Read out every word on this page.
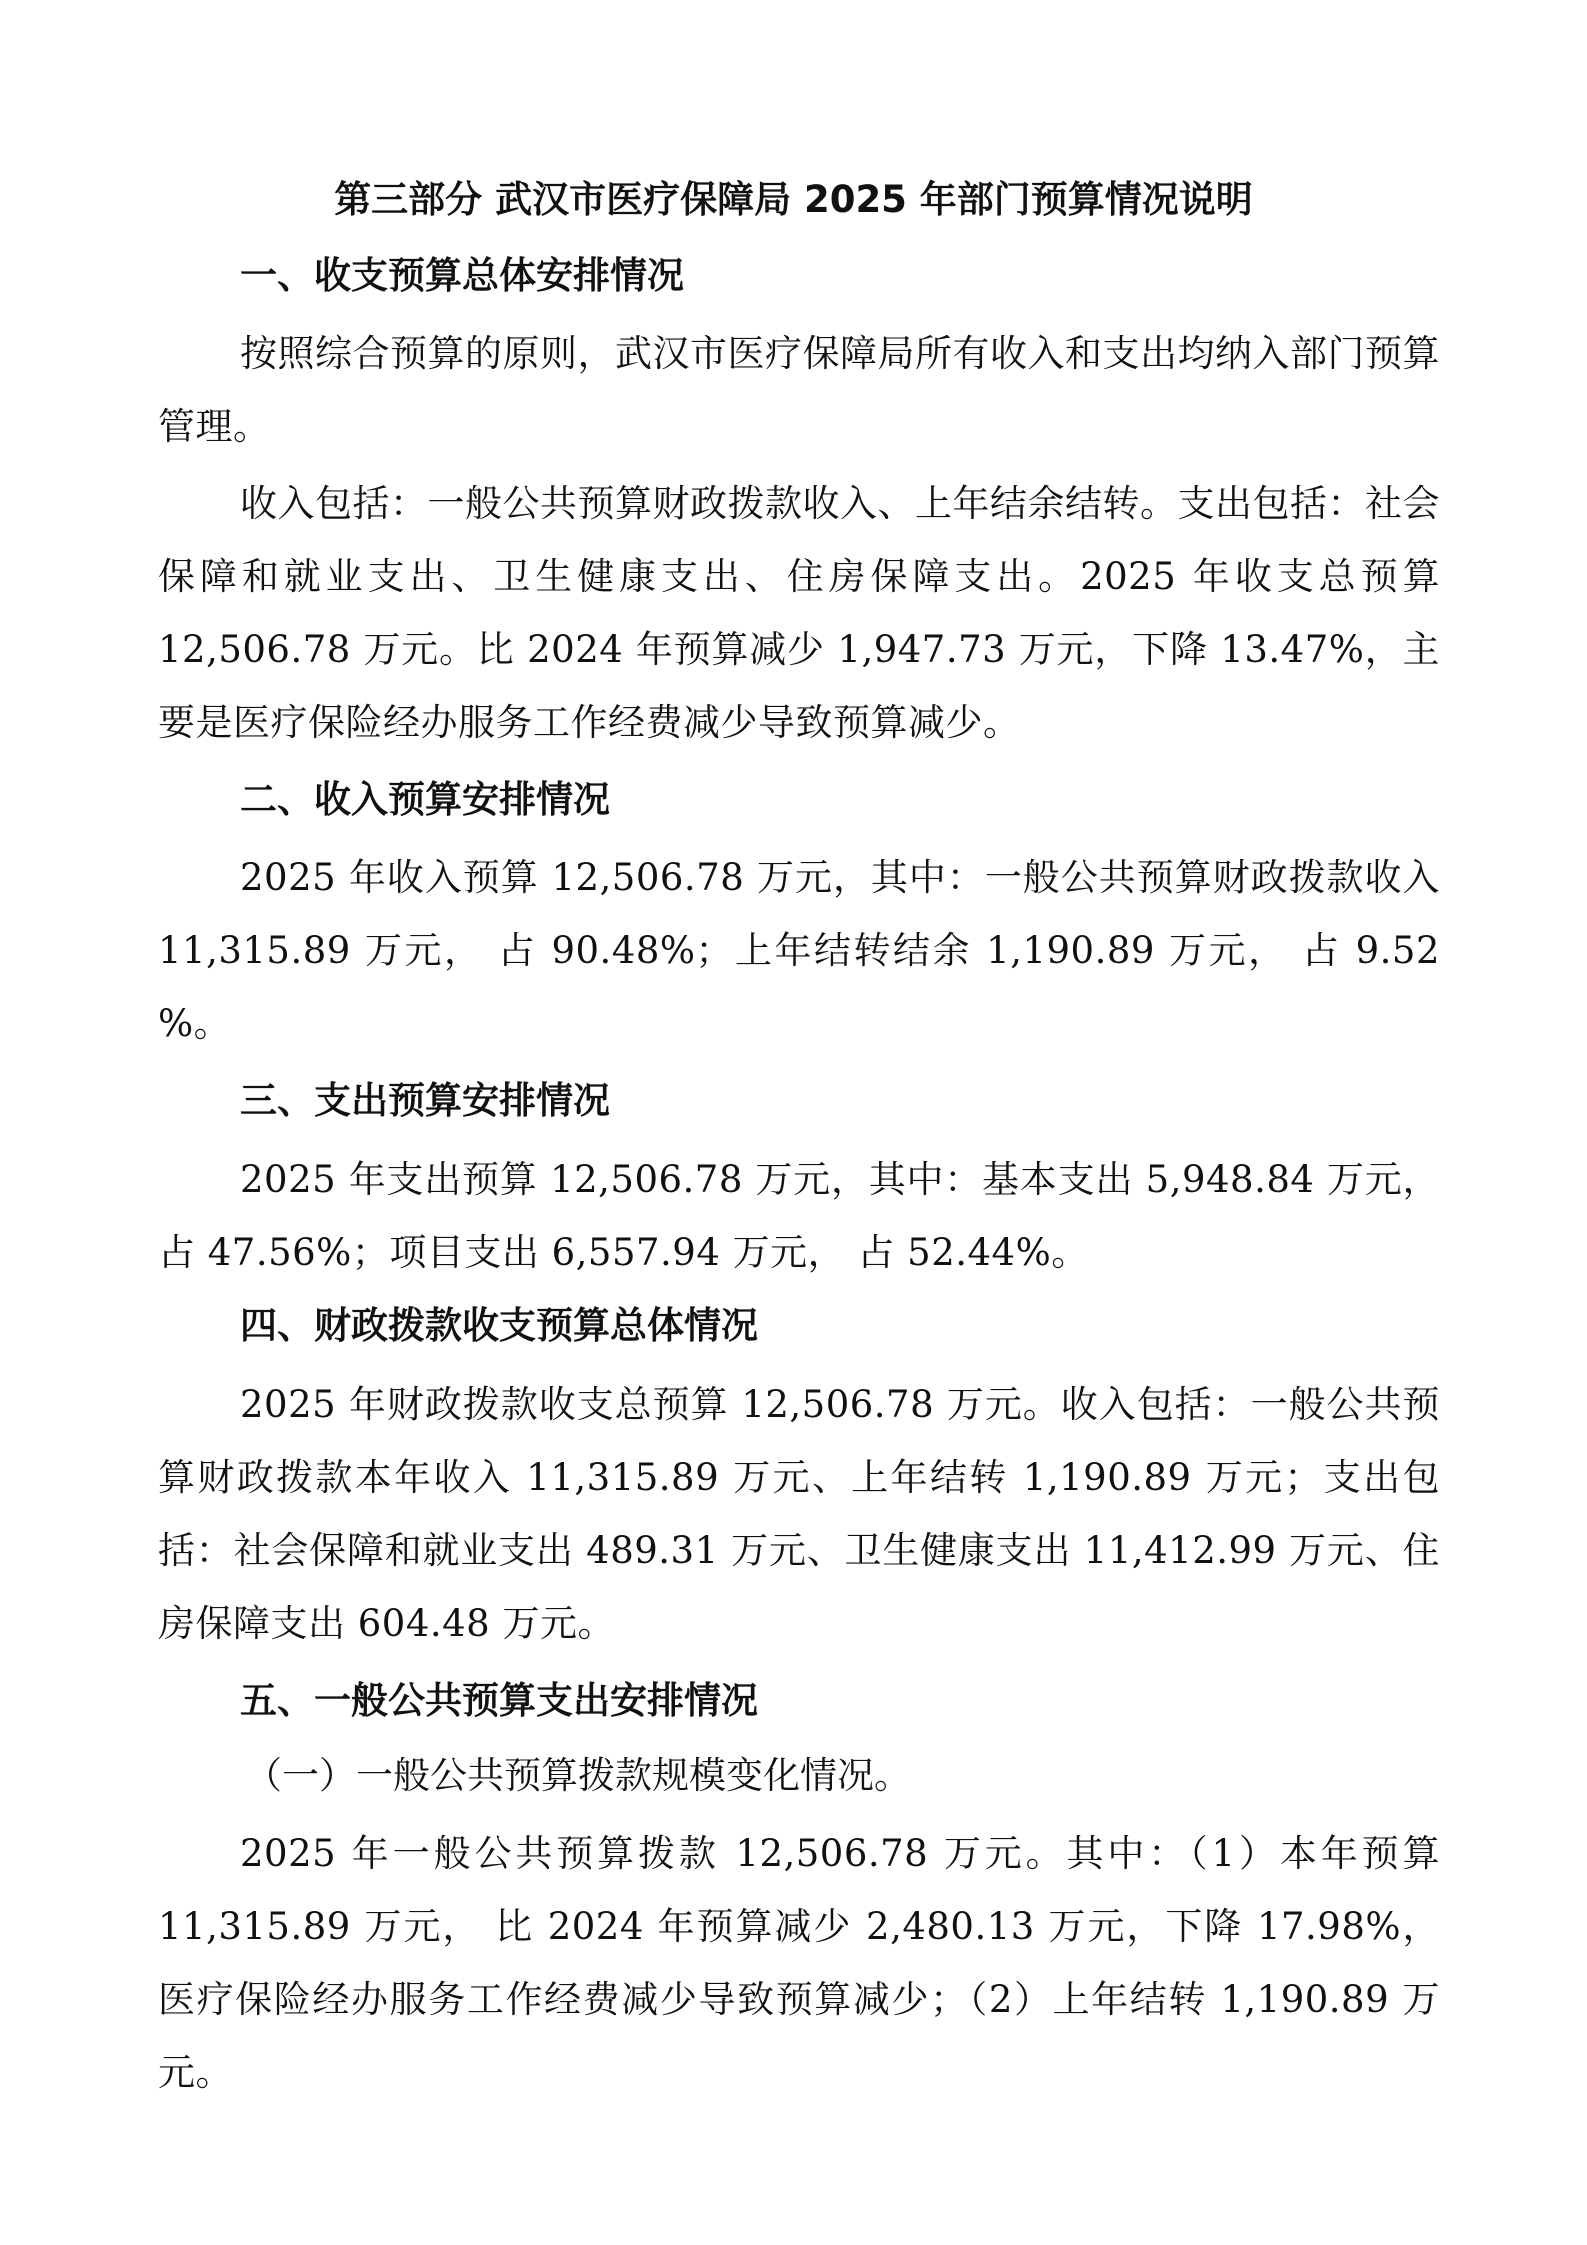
第三部分 武汉市医疗保障局 2025 年部门预算情况说明
一、收支预算总体安排情况

按照综合预算的原则，武汉市医疗保障局所有收入和支出均纳入部门预算管理。

收入包括：一般公共预算财政拨款收入、上年结余结转。支出包括：社会保障和就业支出、卫生健康支出、住房保障支出。2025 年收支总预算 12,506.78 万元。比 2024 年预算减少 1,947.73 万元，下降 13.47%，主要是医疗保险经办服务工作经费减少导致预算减少。

二、收入预算安排情况

2025 年收入预算 12,506.78 万元，其中：一般公共预算财政拨款收入 11,315.89 万元， 占 90.48%；上年结转结余 1,190.89 万元， 占 9.52 %。

三、支出预算安排情况

2025 年支出预算 12,506.78 万元，其中：基本支出 5,948.84 万元， 占 47.56%；项目支出 6,557.94 万元， 占 52.44%。

四、财政拨款收支预算总体情况

2025 年财政拨款收支总预算 12,506.78 万元。收入包括：一般公共预算财政拨款本年收入 11,315.89 万元、上年结转 1,190.89 万元；支出包括：社会保障和就业支出 489.31 万元、卫生健康支出 11,412.99 万元、住房保障支出 604.48 万元。

五、一般公共预算支出安排情况
（一）一般公共预算拨款规模变化情况。

2025 年一般公共预算拨款 12,506.78 万元。其中：（1）本年预算 11,315.89 万元， 比 2024 年预算减少 2,480.13 万元，下降 17.98%，医疗保险经办服务工作经费减少导致预算减少；（2）上年结转 1,190.89 万元。
